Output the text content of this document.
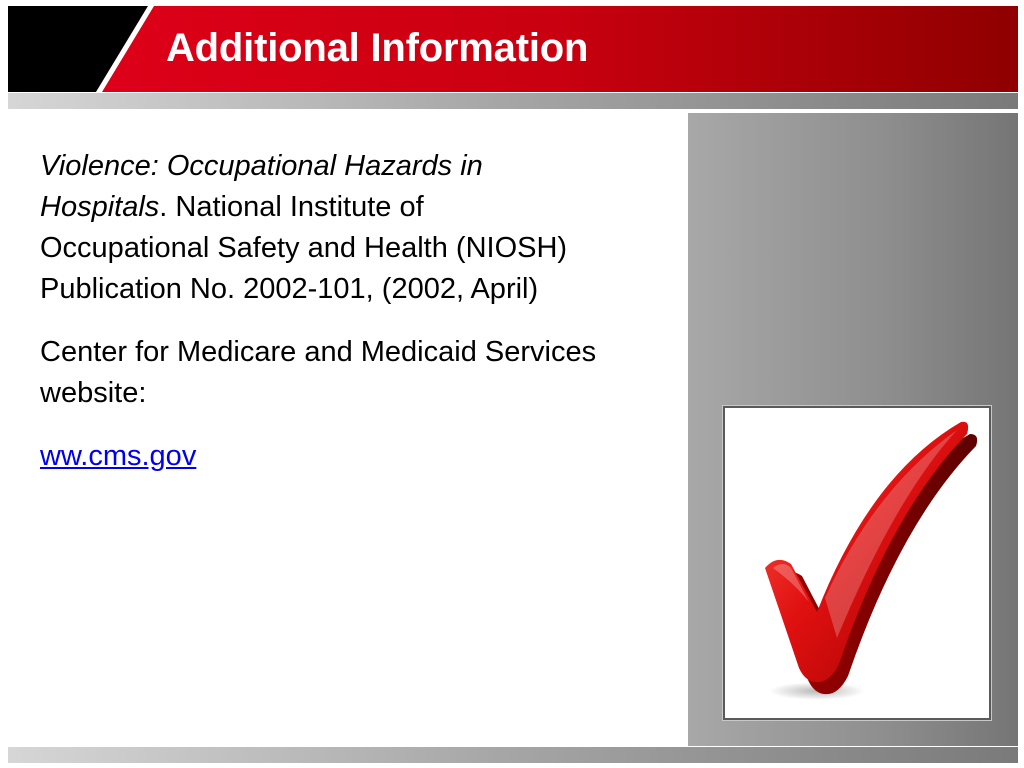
Additional Information

Violence: Occupational Hazards in Hospitals. National Institute of Occupational Safety and Health (NIOSH) Publication No. 2002-101, (2002, April)

Center for Medicare and Medicaid Services website:

ww.cms.gov
